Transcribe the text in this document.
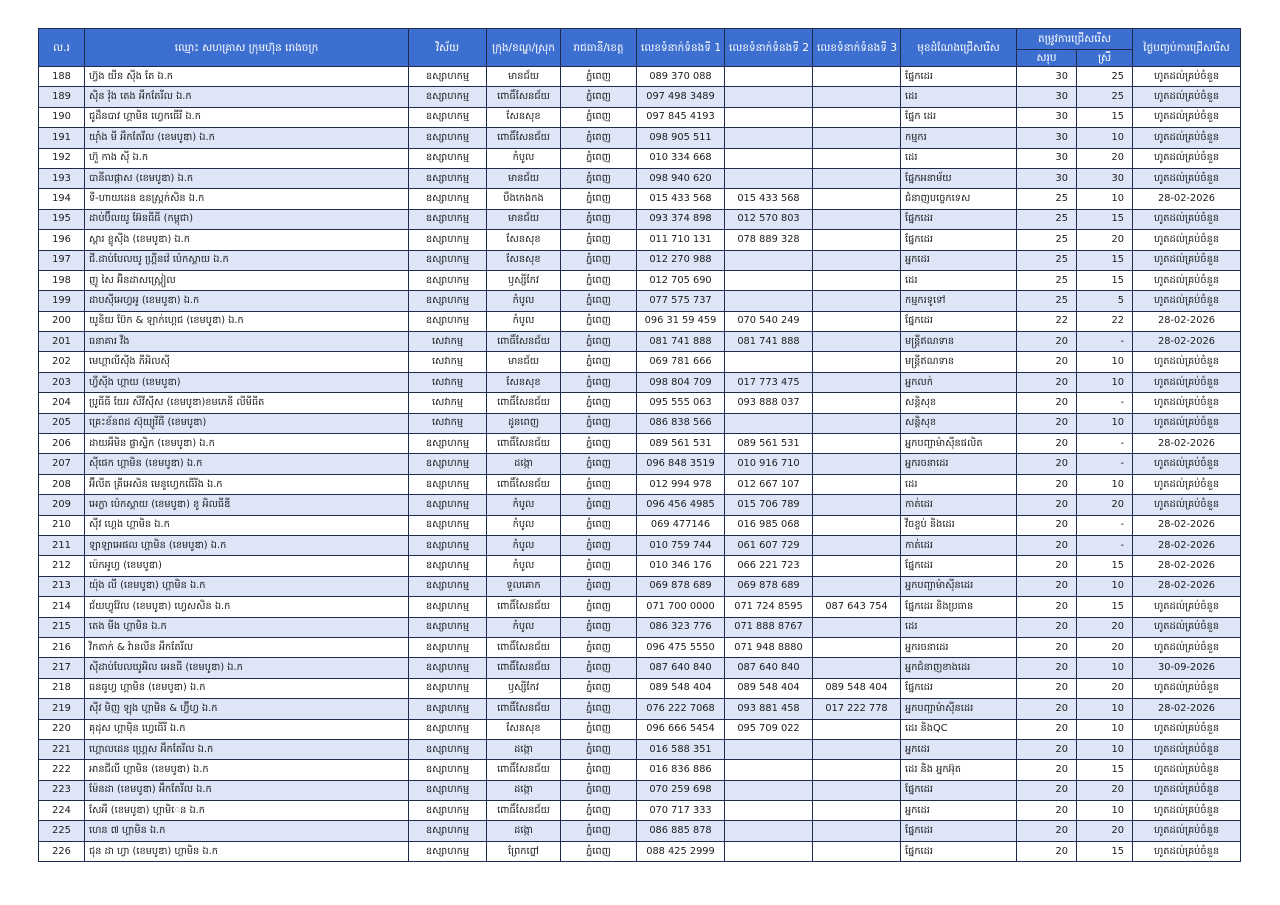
ល.រ	ឈ្មោះ សហគ្រាស ក្រុមហ៊ុន រោងចក្រ	វិស័យ	ក្រុង/ខណ្ឌ/ស្រុក	រាជធានី/ខេត្ត	លេខទំនាក់ទំនងទី 1	លេខទំនាក់ទំនងទី 2	លេខទំនាក់ទំនងទី 3	មុខដំណែងជ្រើសរើស	តម្រូវការជ្រើសរើស		ថ្ងៃបញ្ចប់ការជ្រើសរើស
									សរុប	ស្រី	
188	ហ្វ៊ង យីន ស៊ីង តែ ឯ.ក	ឧស្សាហកម្ម	មានជ័យ	ភ្នំពេញ	089 370 088			ផ្នែកដេរ	30	25	ហូតដល់គ្រប់ចំនួន
189	ស៊ិន វ៉ុង តេង អឹកតែរីល ឯ.ក	ឧស្សាហកម្ម	ពោធិ៍សែនជ័យ	ភ្នំពេញ	097 498 3489			ដេរ	30	25	ហូតដល់គ្រប់ចំនួន
190	ជូដឹនបាវ ហ្គាមិន ហ្វេកធើរី ឯ.ក	ឧស្សាហកម្ម	សែនសុខ	ភ្នំពេញ	097 845 4193			ផ្នែក ដេរ	30	15	ហូតដល់គ្រប់ចំនួន
191	យ៉ាំង មី អឹកតែរីល (ខេមបូឌា) ឯ.ក	ឧស្សាហកម្ម	ពោធិ៍សែនជ័យ	ភ្នំពេញ	098 905 511			កម្មករ	30	10	ហូតដល់គ្រប់ចំនួន
192	ហ៊ួ កាង ស៊ី ឯ.ក	ឧស្សាហកម្ម	កំបូល	ភ្នំពេញ	010 334 668			ដេរ	30	20	ហូតដល់គ្រប់ចំនួន
193	បានីលផ្កាស (ខេមបូឌា) ឯ.ក	ឧស្សាហកម្ម	មានជ័យ	ភ្នំពេញ	098 940 620			ផ្នែកអនាម័យ	30	30	ហូតដល់គ្រប់ចំនួន
194	ទី-ហាយដេន ឧនស្ត្រក់សិន ឯ.ក	ឧស្សាហកម្ម	បឹងកេងកង	ភ្នំពេញ	015 433 568	015 433 568		ជំនាញបច្ចេកទេស	25	10	28-02-2026
195	ដាប់ប៊ឹលយូ អ៊ែនធីធី (កម្ពុជា)	ឧស្សាហកម្ម	មានជ័យ	ភ្នំពេញ	093 374 898	012 570 803		ផ្នែកដេរ	25	15	ហូតដល់គ្រប់ចំនួន
196	ស្តារ ខ្លូស៊ីង (ខេមបូឌា) ឯ.ក	ឧស្សាហកម្ម	សែនសុខ	ភ្នំពេញ	011 710 131	078 889 328		ផ្នែកដេរ	25	20	ហូតដល់គ្រប់ចំនួន
197	ជី.ដាប់បែលយូ ហ្គ្រីនវ៉េ ប៉េកស្គាយ ឯ.ក	ឧស្សាហកម្ម	សែនសុខ	ភ្នំពេញ	012 270 988			អ្នកដេរ	25	15	ហូតដល់គ្រប់ចំនួន
198	ញូ សៃ អ៊ិនដាសស្ត្រៀល	ឧស្សាហកម្ម	ឫស្សីកែវ	ភ្នំពេញ	012 705 690			ដេរ	25	15	ហូតដល់គ្រប់ចំនួន
199	ដាបស៊ីអេហ្វអូ (ខេមបូឌា) ឯ.ក	ឧស្សាហកម្ម	កំបូល	ភ្នំពេញ	077 575 737			កម្មករទូទៅ	25	5	ហូតដល់គ្រប់ចំនួន
200	យូនិយ ប៊ែក & ឡាក់ហ្គេជ (ខេមបូឌា) ឯ.ក	ឧស្សាហកម្ម	កំបូល	ភ្នំពេញ	096 31 59 459	070 540 249		ផ្នែកដេរ	22	22	28-02-2026
201	ធនាគារ វីង	សេវាកម្ម	ពោធិ៍សែនជ័យ	ភ្នំពេញ	081 741 888	081 741 888		មន្ត្រីឥណទាន	20	-	28-02-2026
202	មេហ្គាលីស៊ីង ភីអិលស៊ី	សេវាកម្ម	មានជ័យ	ភ្នំពេញ	069 781 666			មន្ត្រីឥណទាន	20	10	ហូតដល់គ្រប់ចំនួន
203	ហ្វីស៊ីង ហ្គាយ (ខេមបូឌា)	សេវាកម្ម	សែនសុខ	ភ្នំពេញ	098 804 709	017 773 475		អ្នកលក់	20	10	ហូតដល់គ្រប់ចំនួន
204	ប្រូធីធី យែរ សឺវីស៊ីស (ខេមបូឌា)ខមភេនី លីមីធីត	សេវាកម្ម	ពោធិ៍សែនជ័យ	ភ្នំពេញ	095 555 063	093 888 037		សន្តិសុខ	20	-	ហូតដល់គ្រប់ចំនួន
205	គ្រេះខ័នពដ ស៊ុយ្យូរីធី (ខេមបូឌា)	សេវាកម្ម	ដូនពេញ	ភ្នំពេញ	086 838 566			សន្តិសុខ	20	10	ហូតដល់គ្រប់ចំនួន
206	ដាយអឹមិន ផ្លាស្ទិក (ខេមបូឌា) ឯ.ក	ឧស្សាហកម្ម	ពោធិ៍សែនជ័យ	ភ្នំពេញ	089 561 531	089 561 531		អ្នកបញ្ជាម៉ាស៊ីនផលិត	20	-	28-02-2026
207	ស៊ីផេក ហ្គាមិន (ខេមបូឌា) ឯ.ក	ឧស្សាហកម្ម	ដង្កោ	ភ្នំពេញ	096 848 3519	010 916 710		អ្នករចនាដេរ	20	-	ហូតដល់គ្រប់ចំនួន
208	អ៊ីលីត គ្រីអេសិន មេនូហ្វេកធើរីង ឯ.ក	ឧស្សាហកម្ម	ពោធិ៍សែនជ័យ	ភ្នំពេញ	012 994 978	012 667 107		ដេរ	20	10	ហូតដល់គ្រប់ចំនួន
209	អេក្លា ប៉េកស្គាយ (ខេមបូឌា) ខូ អិលធីឌី	ឧស្សាហកម្ម	កំបូល	ភ្នំពេញ	096 456 4985	015 706 789		កាត់ដេរ	20	20	ហូតដល់គ្រប់ចំនួន
210	ស៊ីវ ហ្គេង ហ្គាមិន ឯ.ក	ឧស្សាហកម្ម	កំបូល	ភ្នំពេញ	069 477146	016 985 068		វីចខ្ចប់ និងដេរ	20	-	28-02-2026
211	ឡាឡាអេផល ហ្គាមិន (ខេមបូឌា) ឯ.ក	ឧស្សាហកម្ម	កំបូល	ភ្នំពេញ	010 759 744	061 607 729		កាត់ដេរ	20	-	28-02-2026
212	ប៉េកអូហ្វ (ខេមបូឌា)	ឧស្សាហកម្ម	កំបូល	ភ្នំពេញ	010 346 176	066 221 723		ផ្នែកដេរ	20	15	28-02-2026
213	យ៉ុង លី (ខេមបូឌា) ហ្គាមិន ឯ.ក	ឧស្សាហកម្ម	ទួលគោក	ភ្នំពេញ	069 878 689	069 878 689		អ្នកបញ្ជាម៉ាស៊ីនដេរ	20	10	28-02-2026
214	ជ័យហ្វូវ៉ែល (ខេមបូឌា) ហ្វេសសិន ឯ.ក	ឧស្សាហកម្ម	ពោធិ៍សែនជ័យ	ភ្នំពេញ	071 700 0000	071 724 8595	087 643 754	ផ្នែកដេរ និងប្រធាន	20	15	ហូតដល់គ្រប់ចំនួន
215	តេង មីង ហ្គាមិន ឯ.ក	ឧស្សាហកម្ម	កំបូល	ភ្នំពេញ	086 323 776	071 888 8767		ដេរ	20	20	ហូតដល់គ្រប់ចំនួន
216	វិកតាក់ & វ៉ានលីន អឹកតែរីល	ឧស្សាហកម្ម	ពោធិ៍សែនជ័យ	ភ្នំពេញ	096 475 5550	071 948 8880		អ្នករចនាដេរ	20	20	ហូតដល់គ្រប់ចំនួន
217	ស៊ីដាប់បែលយូអិល អេនធី (ខេមបូឌា) ឯ.ក	ឧស្សាហកម្ម	ពោធិ៍សែនជ័យ	ភ្នំពេញ	087 640 840	087 640 840		អ្នកជំនាញខាងដេរ	20	10	30-09-2026
218	ធនធូហ្វ ហ្គាមិន (ខេមបូឌា) ឯ.ក	ឧស្សាហកម្ម	ឫស្សីកែវ	ភ្នំពេញ	089 548 404	089 548 404	089 548 404	ផ្នែកដេរ	20	20	ហូតដល់គ្រប់ចំនួន
219	ស៊ីវ មិញ ឡុង ហ្គាមិន & ហ្វ៊ីហ្វ ឯ.ក	ឧស្សាហកម្ម	ពោធិ៍សែនជ័យ	ភ្នំពេញ	076 222 7068	093 881 458	017 222 778	អ្នកបញ្ជាម៉ាស៊ីនដេរ	20	10	28-02-2026
220	គុដុស ហ្គាម៉ិន ហ្វេធើរី ឯ.ក	ឧស្សាហកម្ម	សែនសុខ	ភ្នំពេញ	096 666 5454	095 709 022		ដេរ និងQC	20	10	ហូតដល់គ្រប់ចំនួន
221	ហ្គោលដេន ហ្គ្រេស អឹកតែរីល ឯ.ក	ឧស្សាហកម្ម	ដង្កោ	ភ្នំពេញ	016 588 351			អ្នកដេរ	20	10	ហូតដល់គ្រប់ចំនួន
222	អានជីលី ហ្គាមិន (ខេមបូឌា) ឯ.ក	ឧស្សាហកម្ម	ពោធិ៍សែនជ័យ	ភ្នំពេញ	016 836 886			ដេរ និង អ្នកអ៊ុត	20	15	ហូតដល់គ្រប់ចំនួន
223	ម៉ែនដា (ខេមបូឌា) អឹកតែរីល ឯ.ក	ឧស្សាហកម្ម	ដង្កោ	ភ្នំពេញ	070 259 698			ផ្នែកដេរ	20	20	ហូតដល់គ្រប់ចំនួន
224	សែអឺ (ខេមបូឌា) ហ្គាមិេន ឯ.ក	ឧស្សាហកម្ម	ពោធិ៍សែនជ័យ	ភ្នំពេញ	070 717 333			អ្នកដេរ	20	10	ហូតដល់គ្រប់ចំនួន
225	ហេន ៧ ហ្គាមិន ឯ.ក	ឧស្សាហកម្ម	ដង្កោ	ភ្នំពេញ	086 885 878			ផ្នែកដេរ	20	20	ហូតដល់គ្រប់ចំនួន
226	ជុន ដា ហ្វា (ខេមបូឌា) ហ្គាមិន ឯ.ក	ឧស្សាហកម្ម	ព្រែកព្នៅ	ភ្នំពេញ	088 425 2999			ផ្នែកដេរ	20	15	ហូតដល់គ្រប់ចំនួន
